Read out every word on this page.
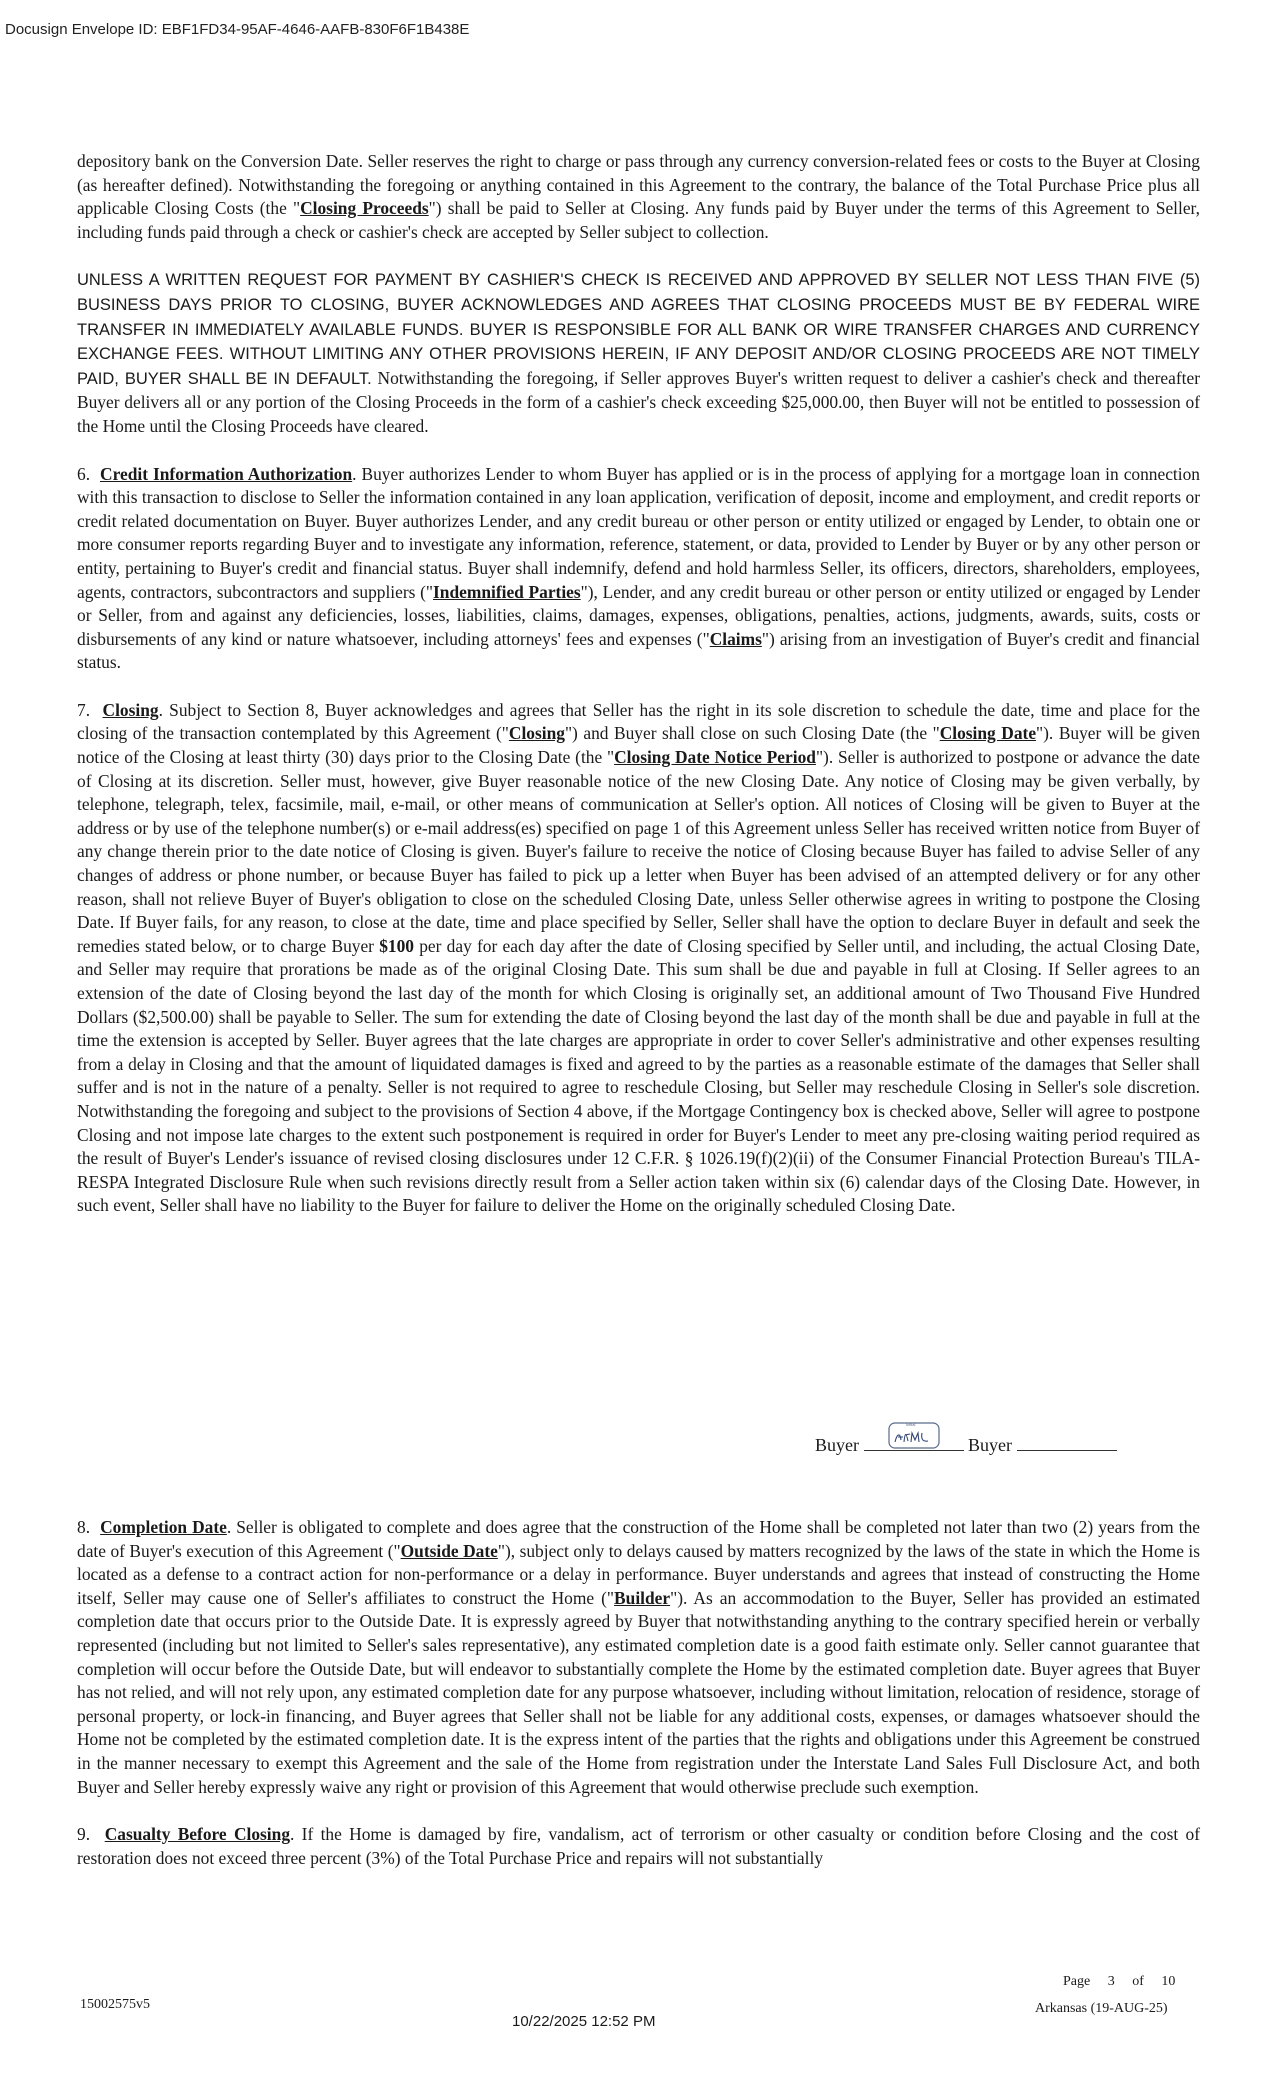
Docusign Envelope ID: EBF1FD34-95AF-4646-AAFB-830F6F1B438E

depository bank on the Conversion Date. Seller reserves the right to charge or pass through any currency conversion-related fees or costs to the Buyer at Closing (as hereafter defined). Notwithstanding the foregoing or anything contained in this Agreement to the contrary, the balance of the Total Purchase Price plus all applicable Closing Costs (the "Closing Proceeds") shall be paid to Seller at Closing. Any funds paid by Buyer under the terms of this Agreement to Seller, including funds paid through a check or cashier's check are accepted by Seller subject to collection.

UNLESS A WRITTEN REQUEST FOR PAYMENT BY CASHIER'S CHECK IS RECEIVED AND APPROVED BY SELLER NOT LESS THAN FIVE (5) BUSINESS DAYS PRIOR TO CLOSING, BUYER ACKNOWLEDGES AND AGREES THAT CLOSING PROCEEDS MUST BE BY FEDERAL WIRE TRANSFER IN IMMEDIATELY AVAILABLE FUNDS. BUYER IS RESPONSIBLE FOR ALL BANK OR WIRE TRANSFER CHARGES AND CURRENCY EXCHANGE FEES. WITHOUT LIMITING ANY OTHER PROVISIONS HEREIN, IF ANY DEPOSIT AND/OR CLOSING PROCEEDS ARE NOT TIMELY PAID, BUYER SHALL BE IN DEFAULT. Notwithstanding the foregoing, if Seller approves Buyer's written request to deliver a cashier's check and thereafter Buyer delivers all or any portion of the Closing Proceeds in the form of a cashier's check exceeding $25,000.00, then Buyer will not be entitled to possession of the Home until the Closing Proceeds have cleared.

6. Credit Information Authorization. Buyer authorizes Lender to whom Buyer has applied or is in the process of applying for a mortgage loan in connection with this transaction to disclose to Seller the information contained in any loan application, verification of deposit, income and employment, and credit reports or credit related documentation on Buyer. Buyer authorizes Lender, and any credit bureau or other person or entity utilized or engaged by Lender, to obtain one or more consumer reports regarding Buyer and to investigate any information, reference, statement, or data, provided to Lender by Buyer or by any other person or entity, pertaining to Buyer's credit and financial status. Buyer shall indemnify, defend and hold harmless Seller, its officers, directors, shareholders, employees, agents, contractors, subcontractors and suppliers ("Indemnified Parties"), Lender, and any credit bureau or other person or entity utilized or engaged by Lender or Seller, from and against any deficiencies, losses, liabilities, claims, damages, expenses, obligations, penalties, actions, judgments, awards, suits, costs or disbursements of any kind or nature whatsoever, including attorneys' fees and expenses ("Claims") arising from an investigation of Buyer's credit and financial status.

7. Closing. Subject to Section 8, Buyer acknowledges and agrees that Seller has the right in its sole discretion to schedule the date, time and place for the closing of the transaction contemplated by this Agreement ("Closing") and Buyer shall close on such Closing Date (the "Closing Date"). Buyer will be given notice of the Closing at least thirty (30) days prior to the Closing Date (the "Closing Date Notice Period"). Seller is authorized to postpone or advance the date of Closing at its discretion. Seller must, however, give Buyer reasonable notice of the new Closing Date. Any notice of Closing may be given verbally, by telephone, telegraph, telex, facsimile, mail, e-mail, or other means of communication at Seller's option. All notices of Closing will be given to Buyer at the address or by use of the telephone number(s) or e-mail address(es) specified on page 1 of this Agreement unless Seller has received written notice from Buyer of any change therein prior to the date notice of Closing is given. Buyer's failure to receive the notice of Closing because Buyer has failed to advise Seller of any changes of address or phone number, or because Buyer has failed to pick up a letter when Buyer has been advised of an attempted delivery or for any other reason, shall not relieve Buyer of Buyer's obligation to close on the scheduled Closing Date, unless Seller otherwise agrees in writing to postpone the Closing Date. If Buyer fails, for any reason, to close at the date, time and place specified by Seller, Seller shall have the option to declare Buyer in default and seek the remedies stated below, or to charge Buyer $100 per day for each day after the date of Closing specified by Seller until, and including, the actual Closing Date, and Seller may require that prorations be made as of the original Closing Date. This sum shall be due and payable in full at Closing. If Seller agrees to an extension of the date of Closing beyond the last day of the month for which Closing is originally set, an additional amount of Two Thousand Five Hundred Dollars ($2,500.00) shall be payable to Seller. The sum for extending the date of Closing beyond the last day of the month shall be due and payable in full at the time the extension is accepted by Seller. Buyer agrees that the late charges are appropriate in order to cover Seller's administrative and other expenses resulting from a delay in Closing and that the amount of liquidated damages is fixed and agreed to by the parties as a reasonable estimate of the damages that Seller shall suffer and is not in the nature of a penalty. Seller is not required to agree to reschedule Closing, but Seller may reschedule Closing in Seller's sole discretion. Notwithstanding the foregoing and subject to the provisions of Section 4 above, if the Mortgage Contingency box is checked above, Seller will agree to postpone Closing and not impose late charges to the extent such postponement is required in order for Buyer's Lender to meet any pre-closing waiting period required as the result of Buyer's Lender's issuance of revised closing disclosures under 12 C.F.R. § 1026.19(f)(2)(ii) of the Consumer Financial Protection Bureau's TILA-RESPA Integrated Disclosure Rule when such revisions directly result from a Seller action taken within six (6) calendar days of the Closing Date. However, in such event, Seller shall have no liability to the Buyer for failure to deliver the Home on the originally scheduled Closing Date.

Buyer
Initial
Buyer

8. Completion Date. Seller is obligated to complete and does agree that the construction of the Home shall be completed not later than two (2) years from the date of Buyer's execution of this Agreement ("Outside Date"), subject only to delays caused by matters recognized by the laws of the state in which the Home is located as a defense to a contract action for non-performance or a delay in performance. Buyer understands and agrees that instead of constructing the Home itself, Seller may cause one of Seller's affiliates to construct the Home ("Builder"). As an accommodation to the Buyer, Seller has provided an estimated completion date that occurs prior to the Outside Date. It is expressly agreed by Buyer that notwithstanding anything to the contrary specified herein or verbally represented (including but not limited to Seller's sales representative), any estimated completion date is a good faith estimate only. Seller cannot guarantee that completion will occur before the Outside Date, but will endeavor to substantially complete the Home by the estimated completion date. Buyer agrees that Buyer has not relied, and will not rely upon, any estimated completion date for any purpose whatsoever, including without limitation, relocation of residence, storage of personal property, or lock-in financing, and Buyer agrees that Seller shall not be liable for any additional costs, expenses, or damages whatsoever should the Home not be completed by the estimated completion date. It is the express intent of the parties that the rights and obligations under this Agreement be construed in the manner necessary to exempt this Agreement and the sale of the Home from registration under the Interstate Land Sales Full Disclosure Act, and both Buyer and Seller hereby expressly waive any right or provision of this Agreement that would otherwise preclude such exemption.

9. Casualty Before Closing. If the Home is damaged by fire, vandalism, act of terrorism or other casualty or condition before Closing and the cost of restoration does not exceed three percent (3%) of the Total Purchase Price and repairs will not substantially

Page 3 of 10
15002575v5	Arkansas (19-AUG-25)
10/22/2025 12:52 PM
